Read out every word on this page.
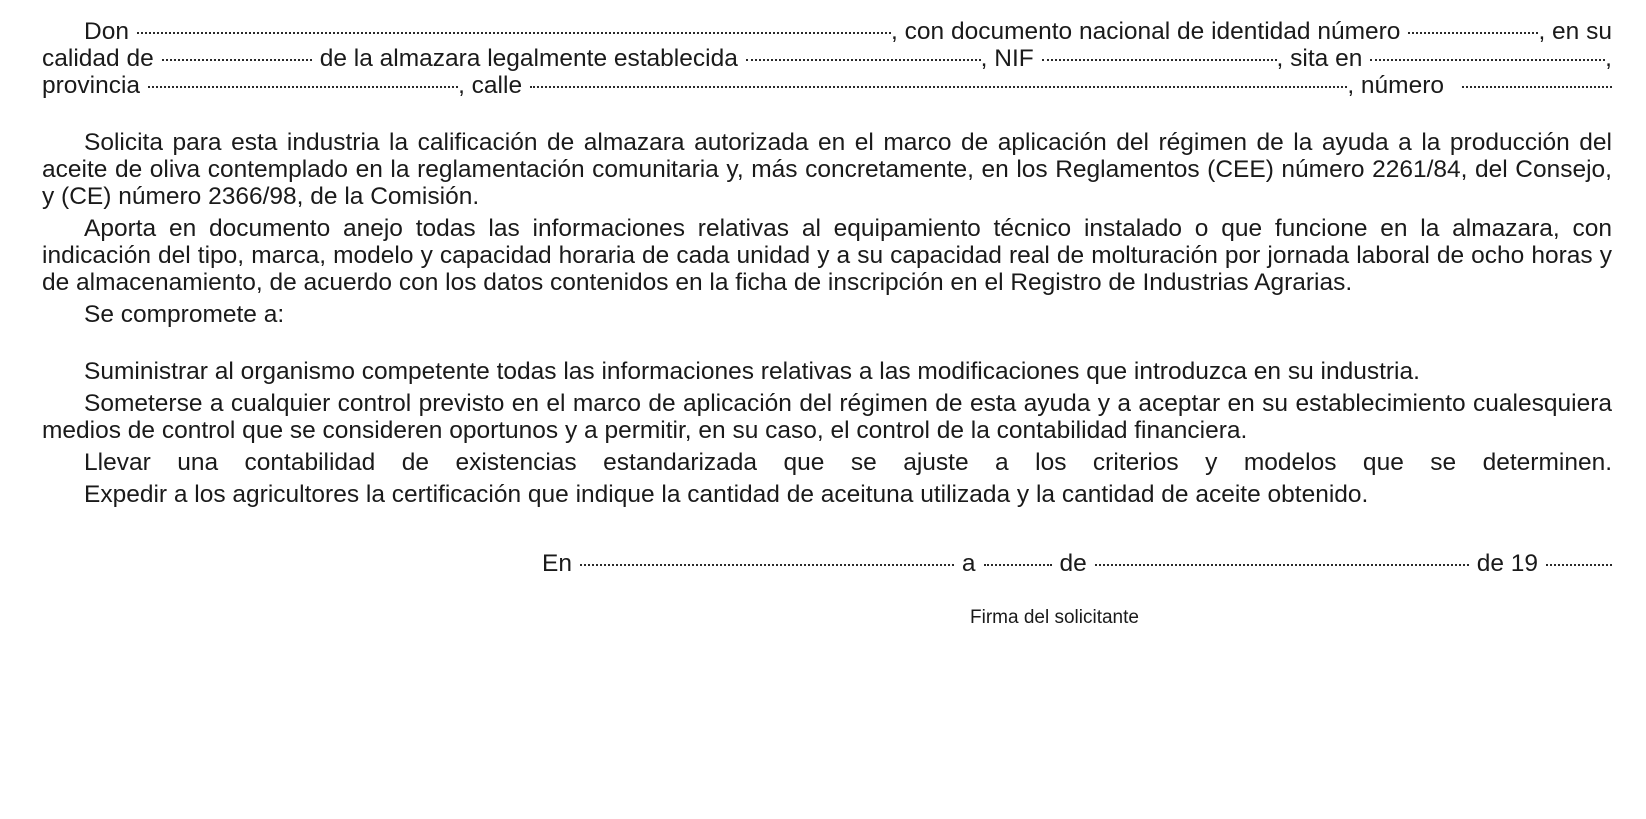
Don	, con documento nacional de identidad número	, en su
calidad de	de la almazara legalmente establecida	, NIF	, sita en	,
provincia	, calle	, número

Solicita para esta industria la calificación de almazara autorizada en el marco de aplicación del régimen de la ayuda a la producción del aceite de oliva contemplado en la reglamentación comunitaria y, más concretamente, en los Reglamentos (CEE) número 2261/84, del Consejo, y (CE) número 2366/98, de la Comisión.

Aporta en documento anejo todas las informaciones relativas al equipamiento técnico instalado o que funcione en la almazara, con indicación del tipo, marca, modelo y capacidad horaria de cada unidad y a su capacidad real de molturación por jornada laboral de ocho horas y de almacenamiento, de acuerdo con los datos contenidos en la ficha de inscripción en el Registro de Industrias Agrarias.

Se compromete a:

Suministrar al organismo competente todas las informaciones relativas a las modificaciones que introduzca en su industria.

Someterse a cualquier control previsto en el marco de aplicación del régimen de esta ayuda y a aceptar en su establecimiento cualesquiera medios de control que se consideren oportunos y a permitir, en su caso, el control de la contabilidad financiera.

Llevar una contabilidad de existencias estandarizada que se ajuste a los criterios y modelos que se determinen.

Expedir a los agricultores la certificación que indique la cantidad de aceituna utilizada y la cantidad de aceite obtenido.

En	a	de	de 19
Firma del solicitante
